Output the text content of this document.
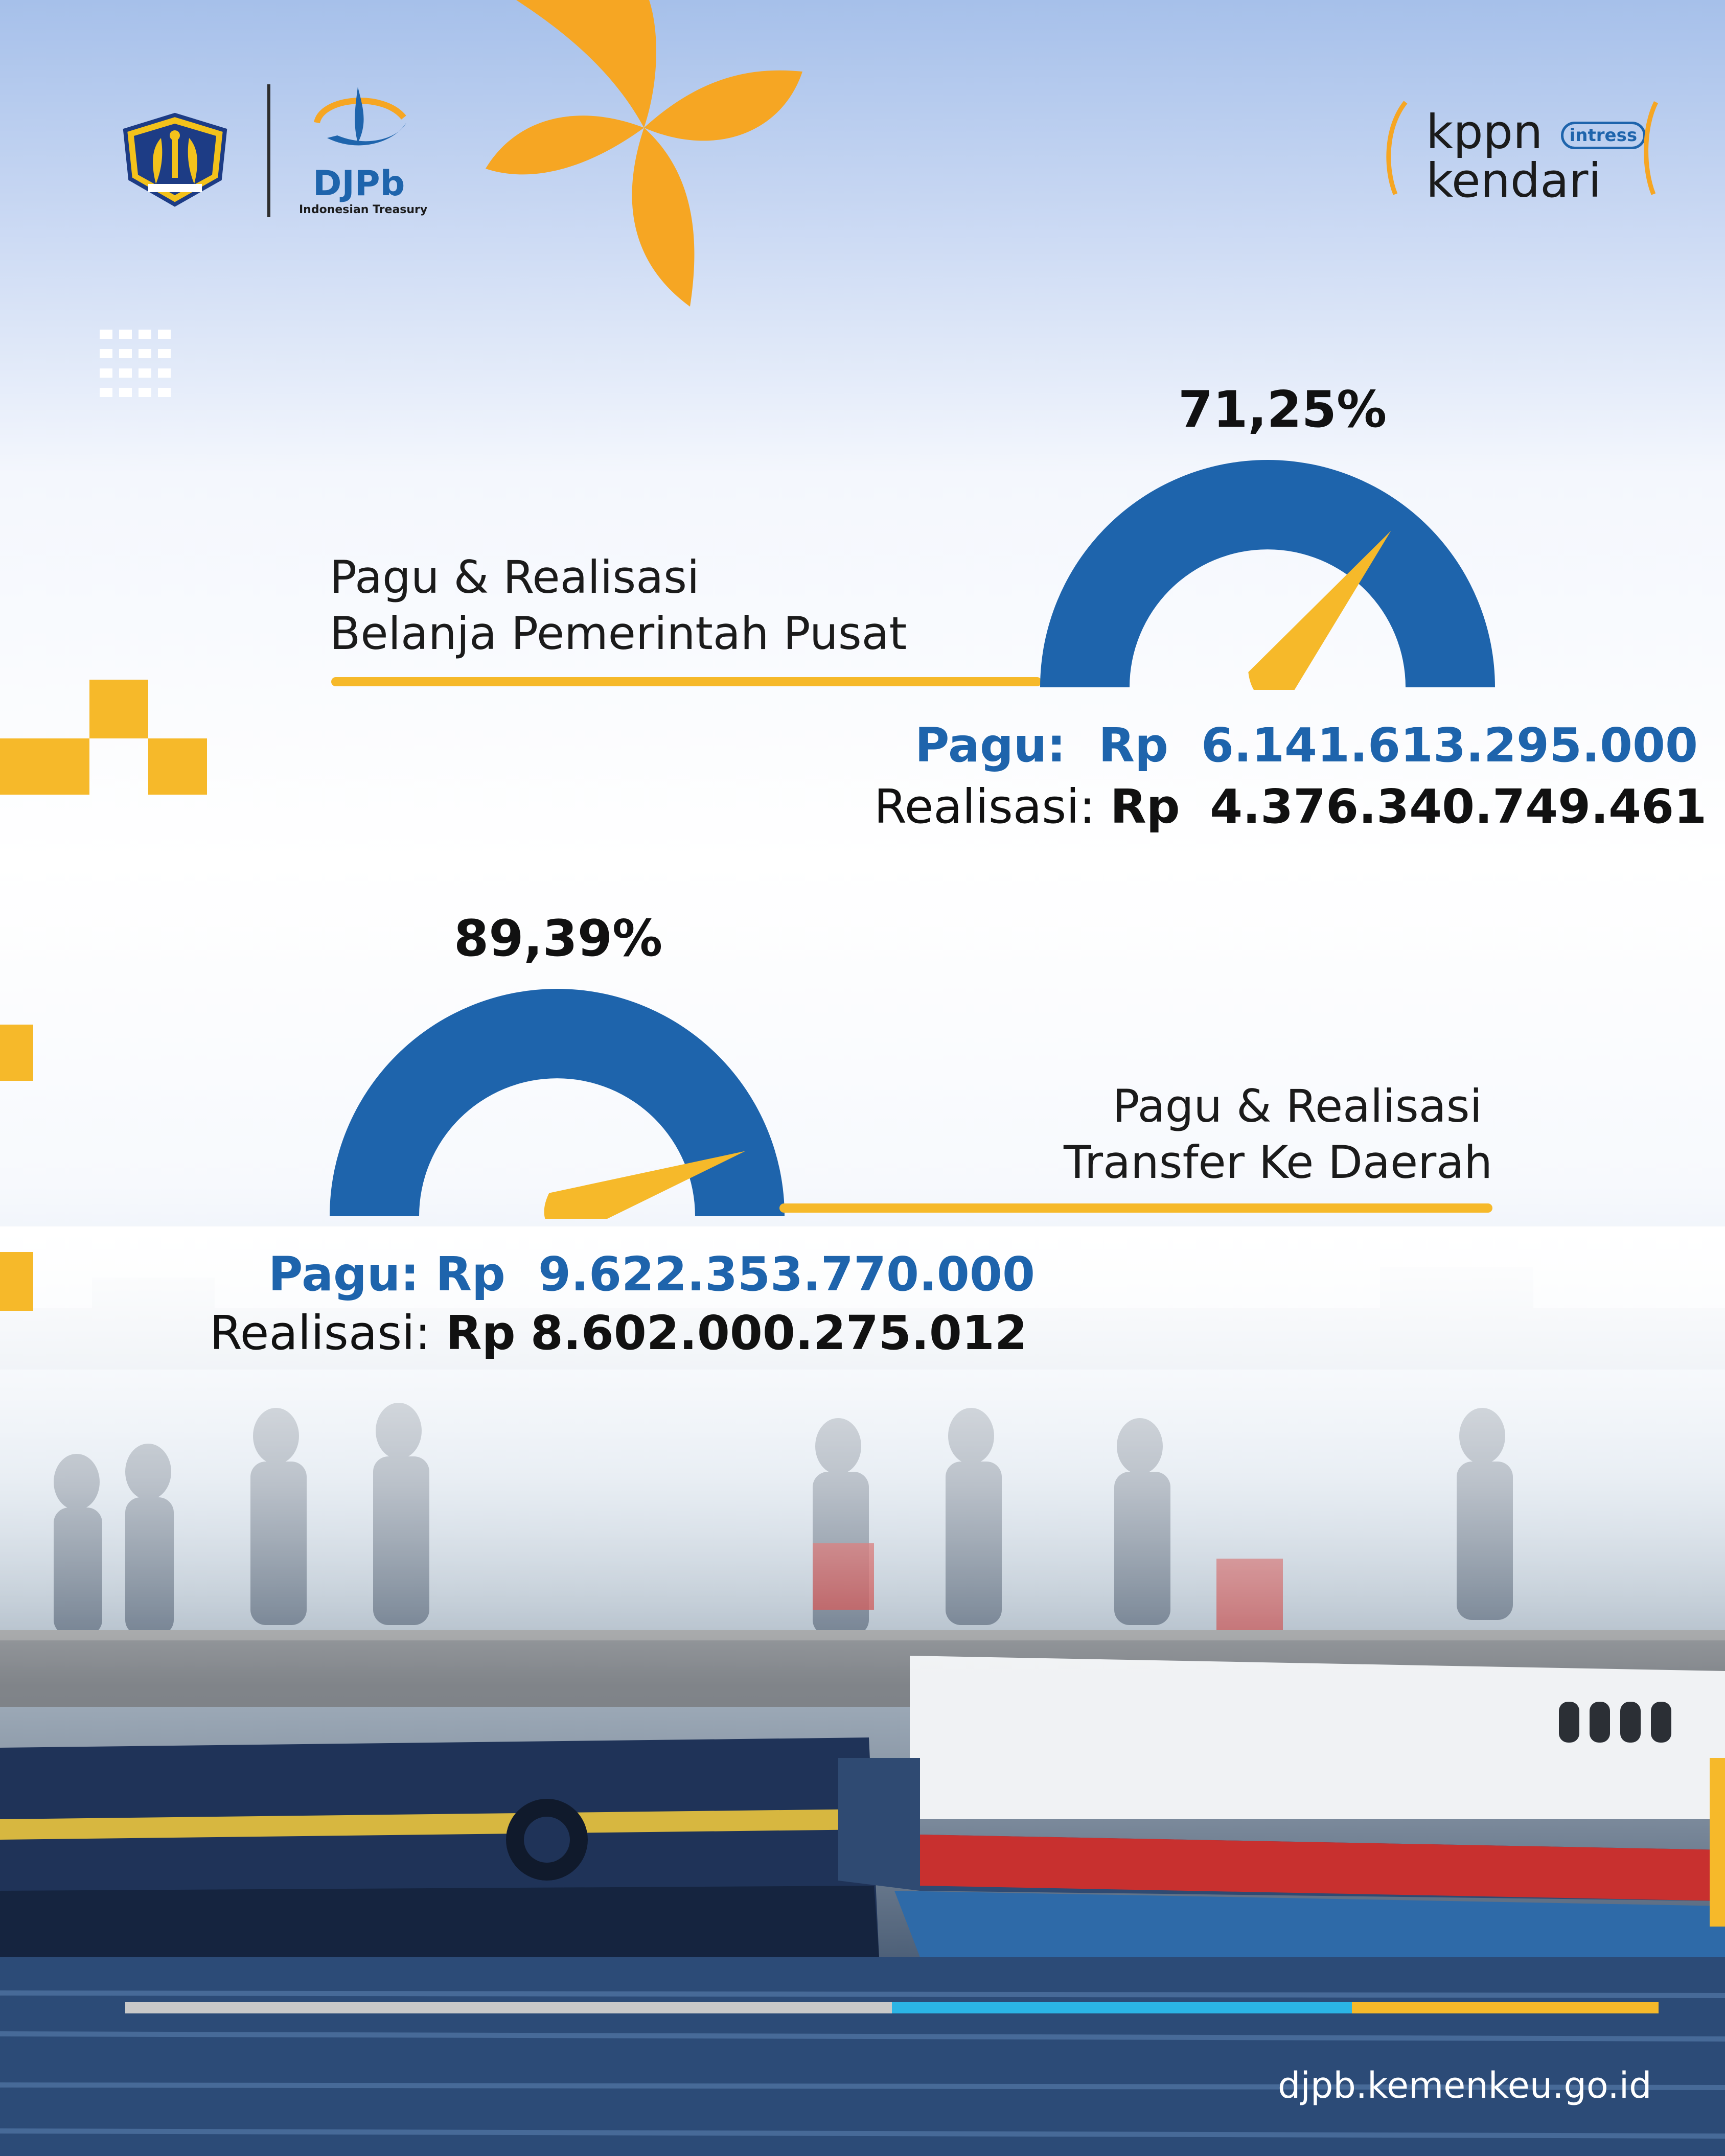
DJPb
Indonesian Treasury
kppn intress
kendari
Pagu & Realisasi
Belanja Pemerintah Pusat
71,25%
Pagu: Rp 6.141.613.295.000
Realisasi: Rp 4.376.340.749.461
89,39%
Pagu & Realisasi
Transfer Ke Daerah
Pagu: Rp 9.622.353.770.000
Realisasi: Rp 8.602.000.275.012
djpb.kemenkeu.go.id
